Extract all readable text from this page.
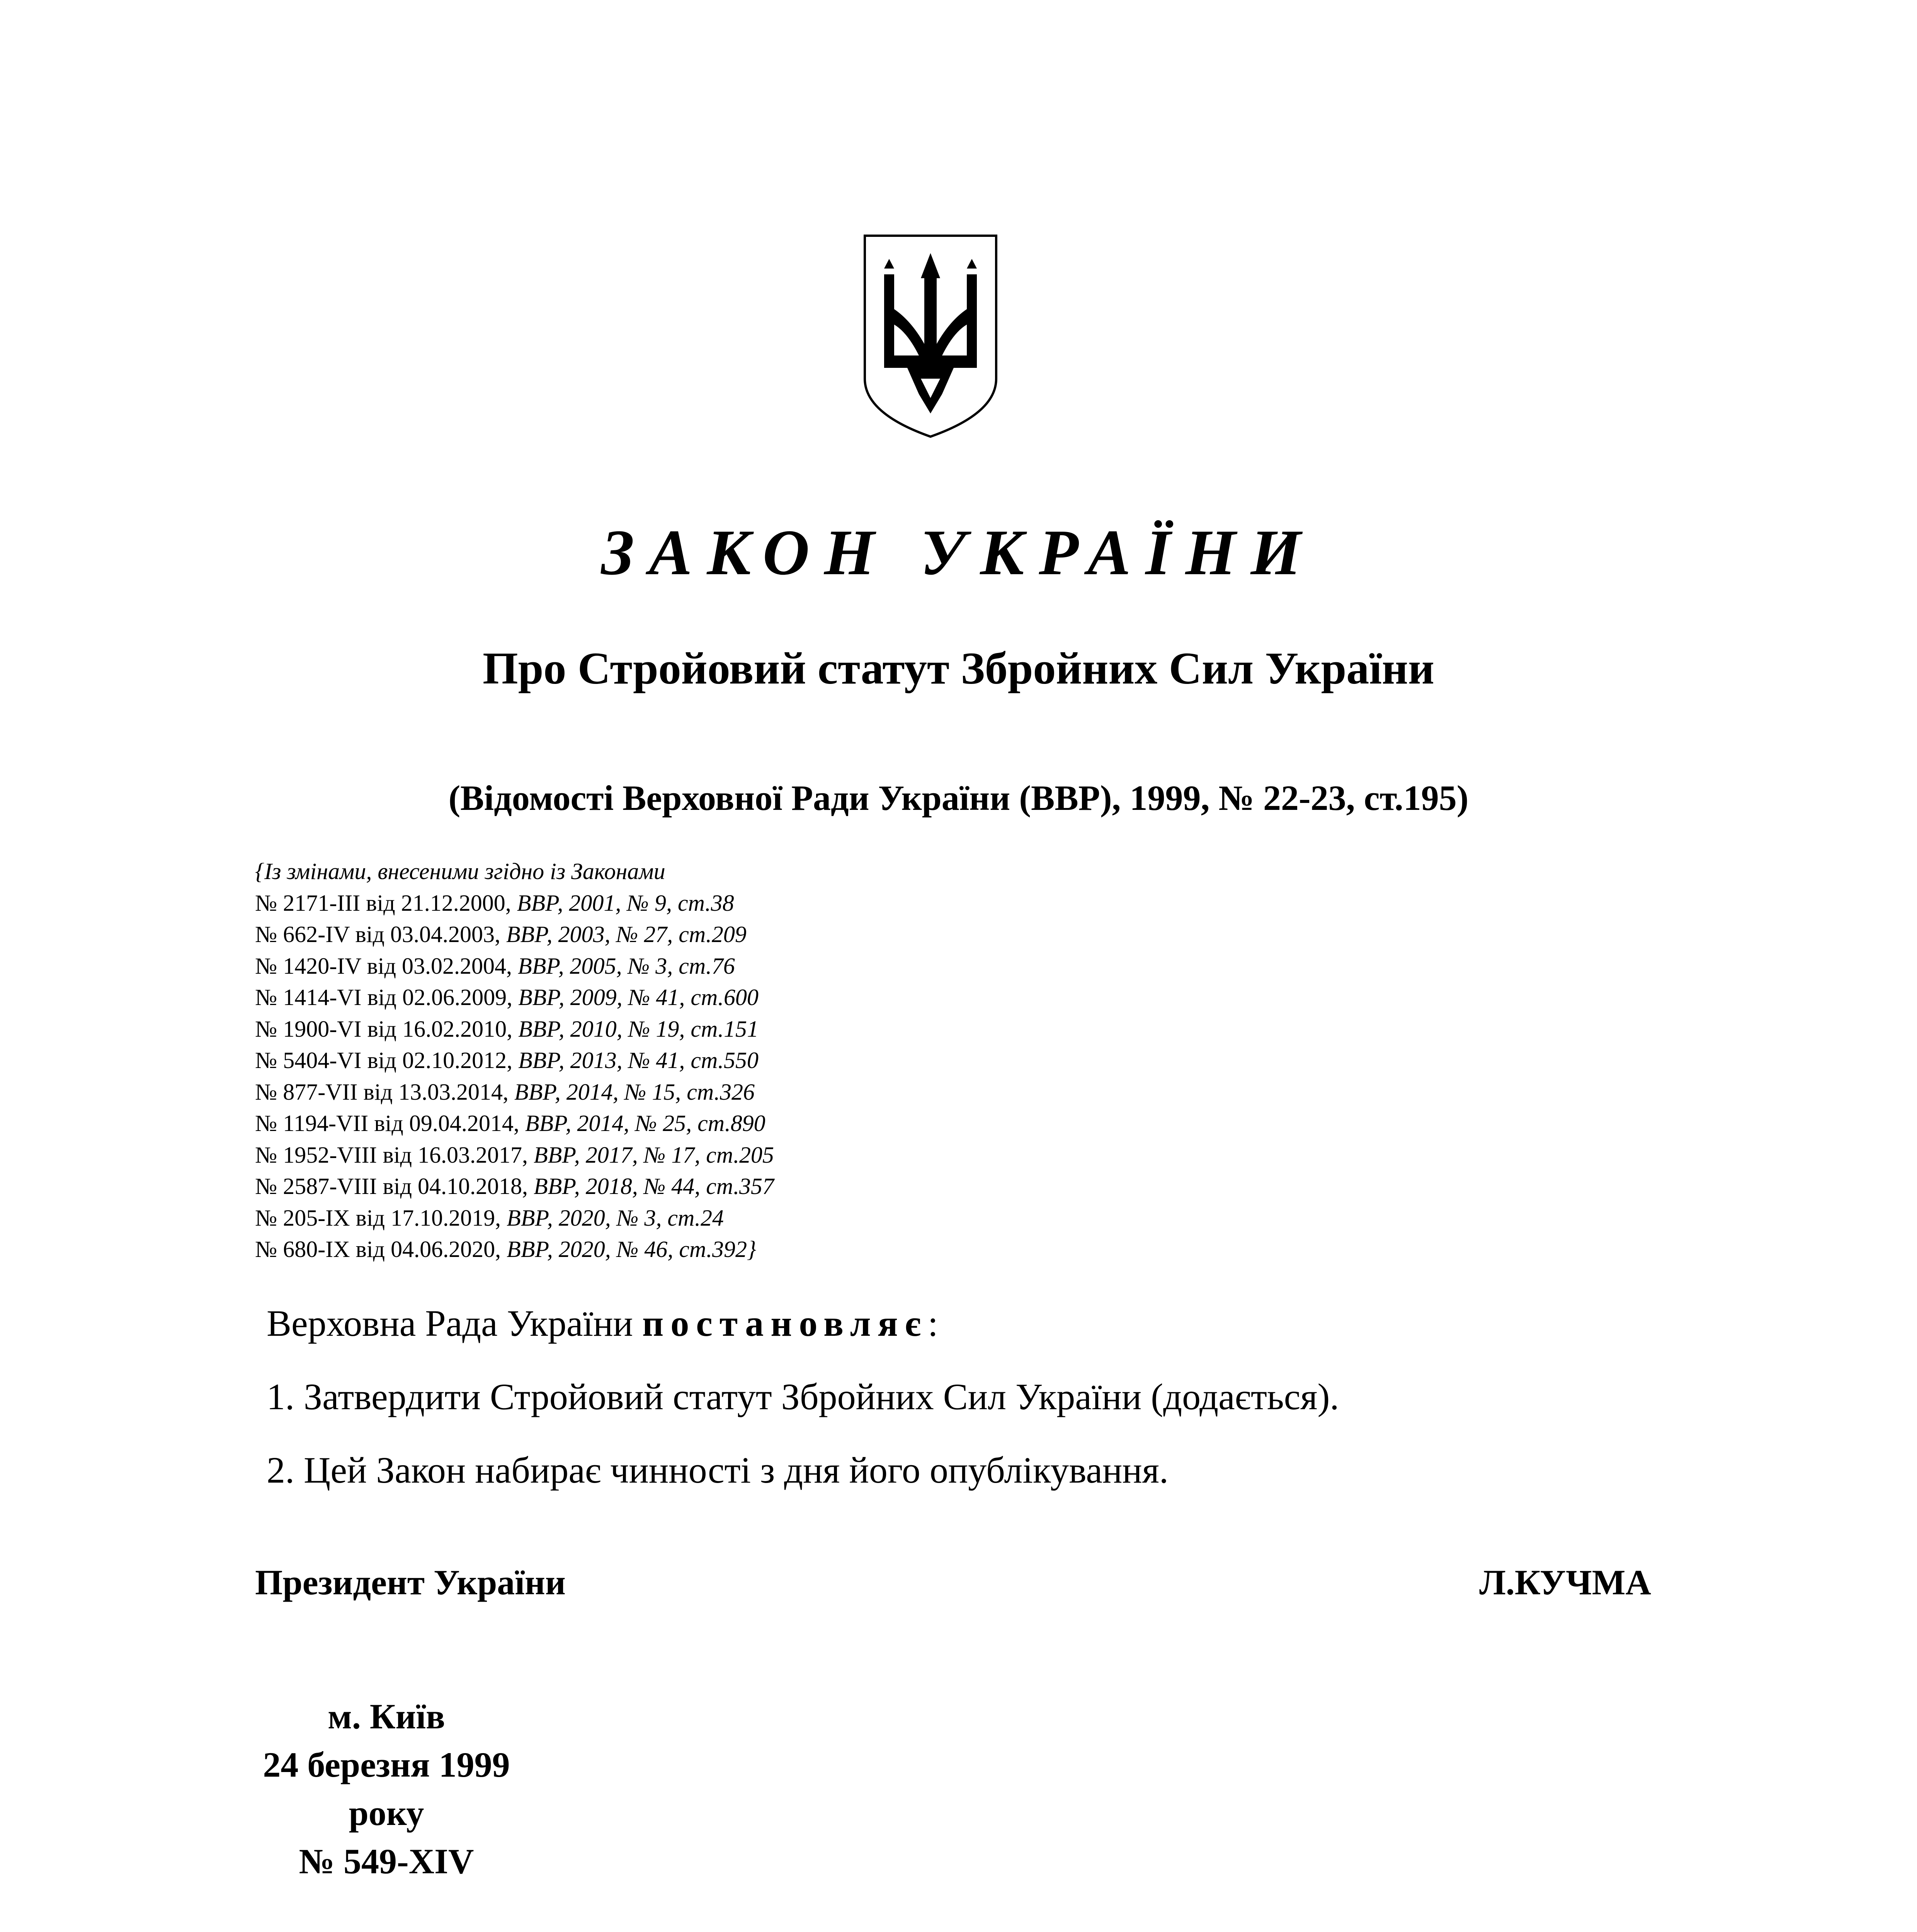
ЗАКОН УКРАЇНИ
Про Стройовий статут Збройних Сил України
(Відомості Верховної Ради України (ВВР), 1999, № 22-23, ст.195)
{Із змінами, внесеними згідно із Законами
№ 2171-III від 21.12.2000, ВВР, 2001, № 9, ст.38
№ 662-IV від 03.04.2003, ВВР, 2003, № 27, ст.209
№ 1420-IV від 03.02.2004, ВВР, 2005, № 3, ст.76
№ 1414-VI від 02.06.2009, ВВР, 2009, № 41, ст.600
№ 1900-VI від 16.02.2010, ВВР, 2010, № 19, ст.151
№ 5404-VI від 02.10.2012, ВВР, 2013, № 41, ст.550
№ 877-VII від 13.03.2014, ВВР, 2014, № 15, ст.326
№ 1194-VII від 09.04.2014, ВВР, 2014, № 25, ст.890
№ 1952-VIII від 16.03.2017, ВВР, 2017, № 17, ст.205
№ 2587-VIII від 04.10.2018, ВВР, 2018, № 44, ст.357
№ 205-IX від 17.10.2019, ВВР, 2020, № 3, ст.24
№ 680-IX від 04.06.2020, ВВР, 2020, № 46, ст.392}
Верховна Рада України постановляє:
1. Затвердити Стройовий статут Збройних Сил України (додається).
2. Цей Закон набирає чинності з дня його опублікування.
Президент України	Л.КУЧМА
м. Київ
24 березня 1999 року
№ 549-XIV
